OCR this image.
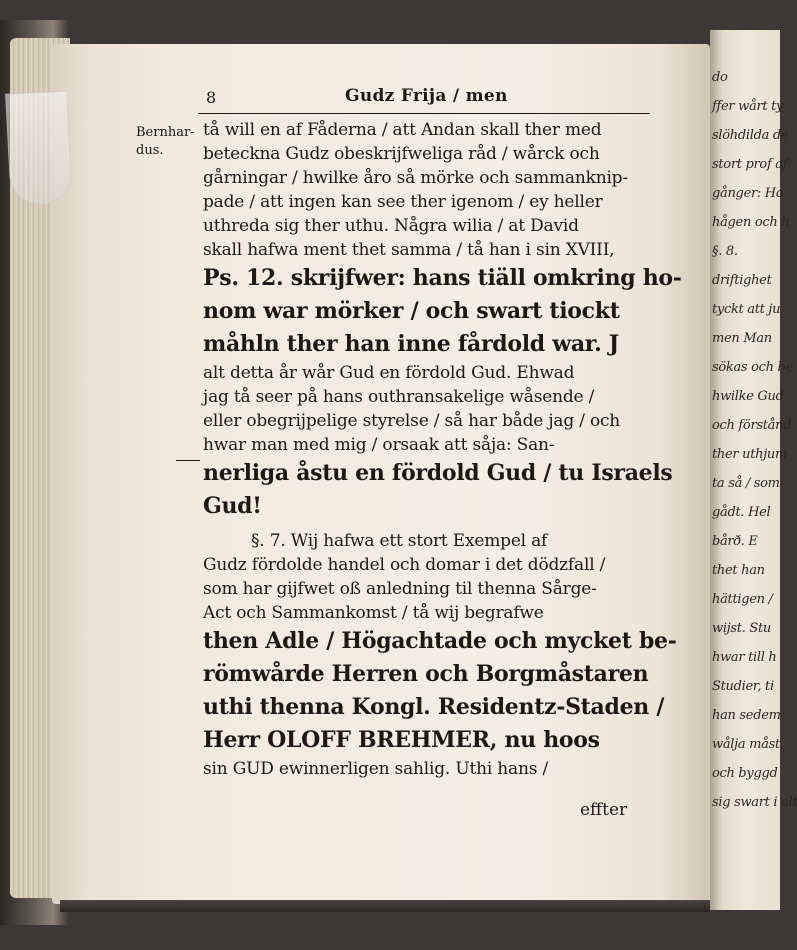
do
ffer wårt ty
slöhdilda de
stort prof af
gånger: Ho
hågen och h
§. 8.
driftighet
tyckt att ju
men Man
sökas och be
hwilke Gud
och förstånd
ther uthjum
ta så / som
gådt. Hel
bårð. E
thet han
hättigen /
wijst. Stu
hwar till h
Studier, ti
han sedem
wålja måst
och byggd
sig swart i alt
8	Gudz Frija / men
Bernhar-
dus.
tå will en af Fåderna / att Andan skall ther med
beteckna Gudz obeskrijfweliga råd / wårck och
gårningar / hwilke åro så mörke och sammanknip-
pade / att ingen kan see ther igenom / ey heller
uthreda sig ther uthu. Några wilia / at David
skall hafwa ment thet samma / tå han i sin XVIII,
Ps. 12. skrijfwer: hans tiäll omkring ho-
nom war mörker / och swart tiockt
måhln ther han inne fårdold war. J
alt detta år wår Gud en fördold Gud. Ehwad
jag tå seer på hans outhransakelige wåsende /
eller obegrijpelige styrelse / så har både jag / och
hwar man med mig / orsaak att såja: San-
nerliga åstu en fördold Gud / tu Israels
Gud!
§. 7. Wij hafwa ett stort Exempel af
Gudz fördolde handel och domar i det dödzfall /
som har gijfwet oß anledning til thenna Sårge-
Act och Sammankomst / tå wij begrafwe
then Adle / Högachtade och mycket be-
römwårde Herren och Borgmåstaren
uthi thenna Kongl. Residentz-Staden /
Herr OLOFF BREHMER, nu hoos
sin GUD ewinnerligen sahlig. Uthi hans /
effter
